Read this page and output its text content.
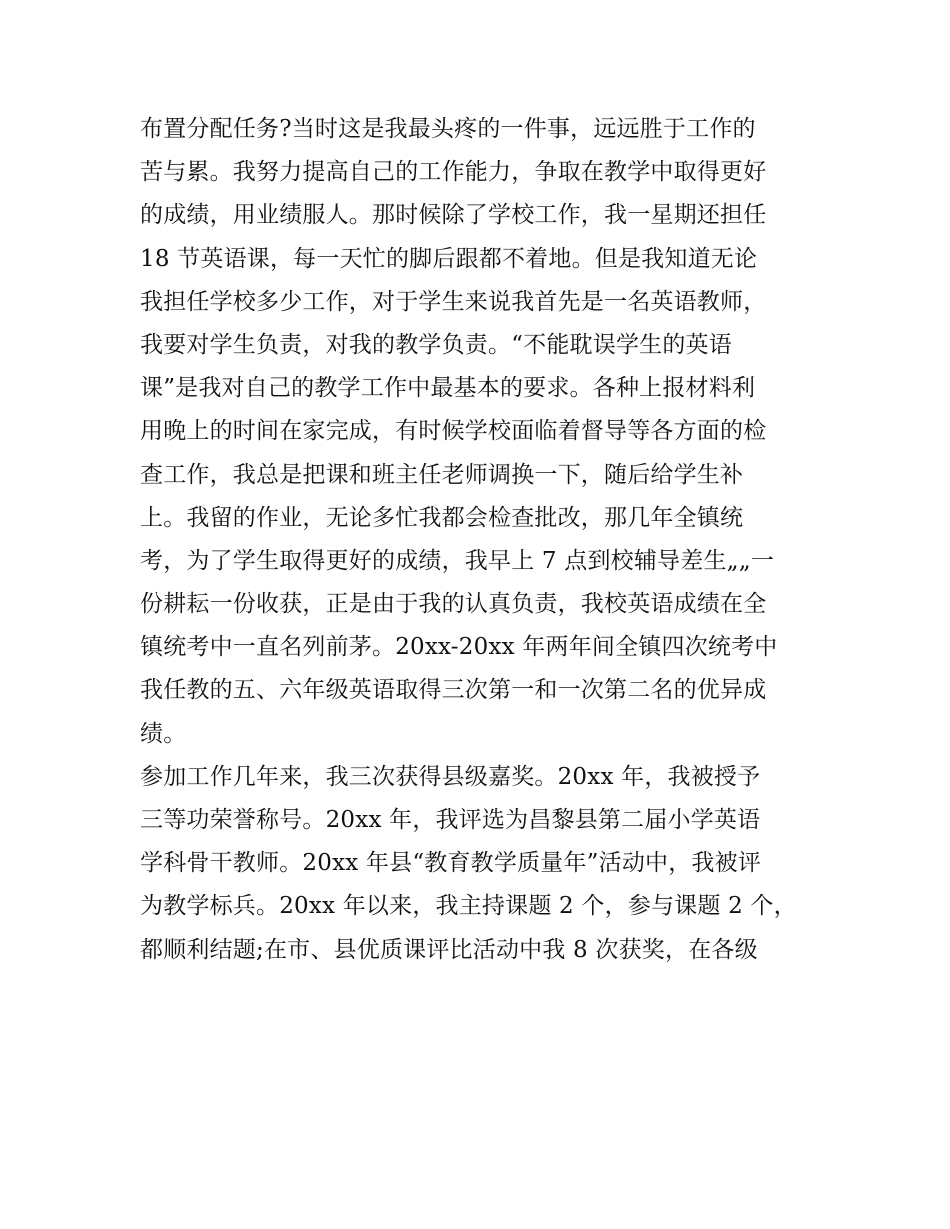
布置分配任务?当时这是我最头疼的一件事，远远胜于工作的
苦与累。我努力提高自己的工作能力，争取在教学中取得更好
的成绩，用业绩服人。那时候除了学校工作，我一星期还担任
18 节英语课，每一天忙的脚后跟都不着地。但是我知道无论
我担任学校多少工作，对于学生来说我首先是一名英语教师，
我要对学生负责，对我的教学负责。“不能耽误学生的英语
课”是我对自己的教学工作中最基本的要求。各种上报材料利
用晚上的时间在家完成，有时候学校面临着督导等各方面的检
查工作，我总是把课和班主任老师调换一下，随后给学生补
上。我留的作业，无论多忙我都会检查批改，那几年全镇统
考，为了学生取得更好的成绩，我早上 7 点到校辅导差生„„一
份耕耘一份收获，正是由于我的认真负责，我校英语成绩在全
镇统考中一直名列前茅。20xx-20xx 年两年间全镇四次统考中
我任教的五、六年级英语取得三次第一和一次第二名的优异成
绩。
参加工作几年来，我三次获得县级嘉奖。20xx 年，我被授予
三等功荣誉称号。20xx 年，我评选为昌黎县第二届小学英语
学科骨干教师。20xx 年县“教育教学质量年”活动中，我被评
为教学标兵。20xx 年以来，我主持课题 2 个，参与课题 2 个，
都顺利结题;在市、县优质课评比活动中我 8 次获奖，在各级
